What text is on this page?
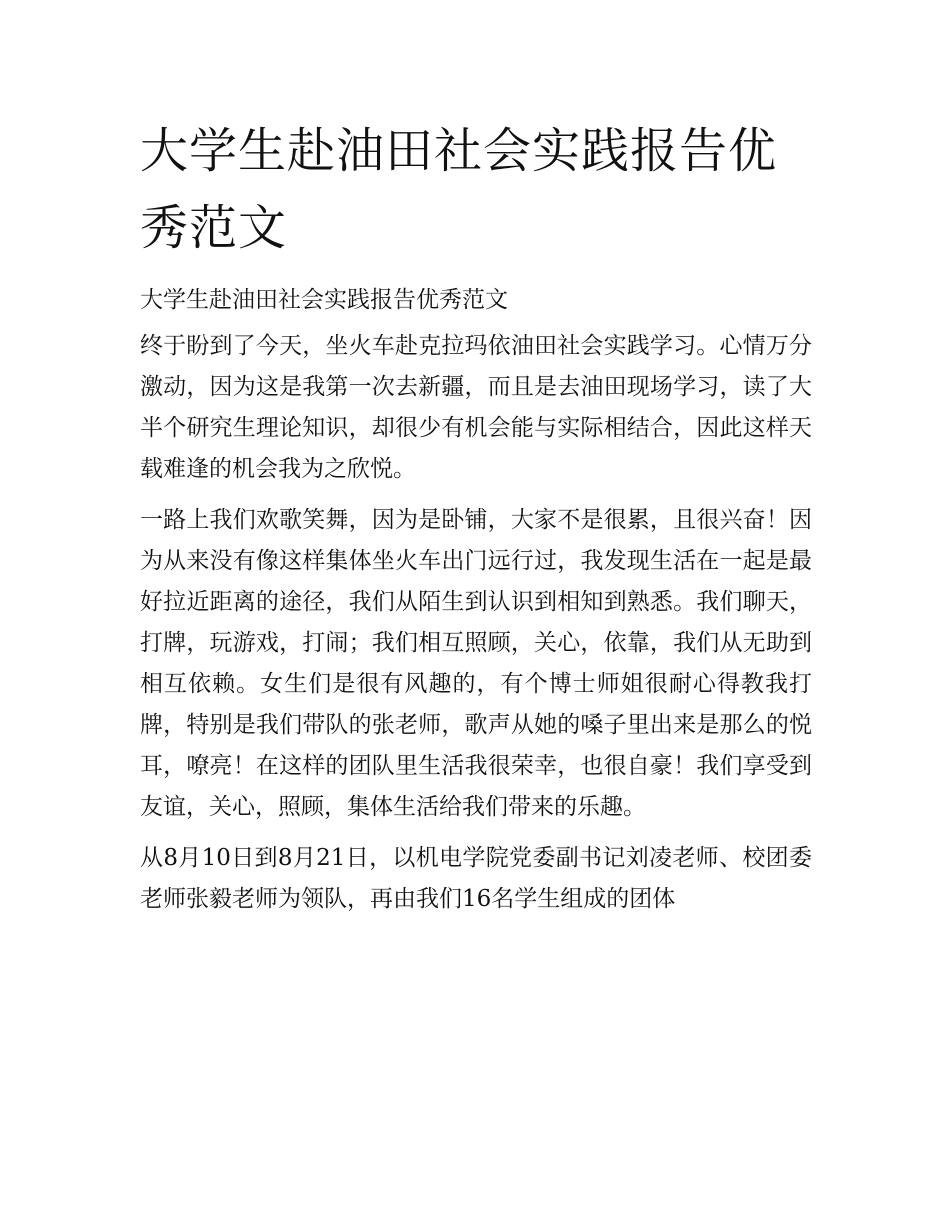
大学生赴油田社会实践报告优秀范文

大学生赴油田社会实践报告优秀范文

终于盼到了今天，坐火车赴克拉玛依油田社会实践学习。心情万分激动，因为这是我第一次去新疆，而且是去油田现场学习，读了大半个研究生理论知识，却很少有机会能与实际相结合，因此这样天载难逢的机会我为之欣悦。

一路上我们欢歌笑舞，因为是卧铺，大家不是很累，且很兴奋！因为从来没有像这样集体坐火车出门远行过，我发现生活在一起是最好拉近距离的途径，我们从陌生到认识到相知到熟悉。我们聊天，打牌，玩游戏，打闹；我们相互照顾，关心，依靠，我们从无助到相互依赖。女生们是很有风趣的，有个博士师姐很耐心得教我打牌，特别是我们带队的张老师，歌声从她的嗓子里出来是那么的悦耳，嘹亮！在这样的团队里生活我很荣幸，也很自豪！我们享受到友谊，关心，照顾，集体生活给我们带来的乐趣。

从8月10日到8月21日，以机电学院党委副书记刘凌老师、校团委老师张毅老师为领队，再由我们16名学生组成的团体
